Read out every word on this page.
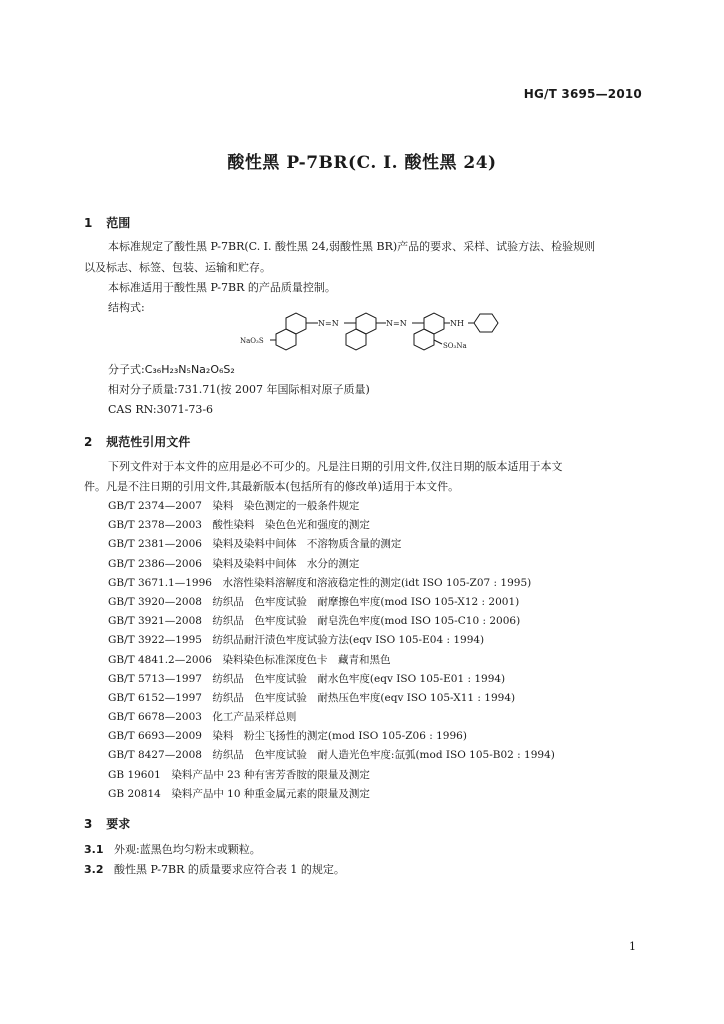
HG/T 3695—2010
酸性黑 P-7BR(C. I. 酸性黑 24)
1 范围
本标准规定了酸性黑 P-7BR(C. I. 酸性黑 24,弱酸性黑 BR)产品的要求、采样、试验方法、检验规则
以及标志、标签、包装、运输和贮存。
本标准适用于酸性黑 P-7BR 的产品质量控制。
结构式:
N=N	N=N	NH
NaO₃S
SO₃Na
分子式:C₃₆H₂₃N₅Na₂O₆S₂
相对分子质量:731.71(按 2007 年国际相对原子质量)
CAS RN:3071-73-6
2 规范性引用文件
下列文件对于本文件的应用是必不可少的。凡是注日期的引用文件,仅注日期的版本适用于本文
件。凡是不注日期的引用文件,其最新版本(包括所有的修改单)适用于本文件。
GB/T 2374—2007　染料　染色测定的一般条件规定
GB/T 2378—2003　酸性染料　染色色光和强度的测定
GB/T 2381—2006　染料及染料中间体　不溶物质含量的测定
GB/T 2386—2006　染料及染料中间体　水分的测定
GB/T 3671.1—1996　水溶性染料溶解度和溶液稳定性的测定(idt ISO 105-Z07 : 1995)
GB/T 3920—2008　纺织品　色牢度试验　耐摩擦色牢度(mod ISO 105-X12 : 2001)
GB/T 3921—2008　纺织品　色牢度试验　耐皂洗色牢度(mod ISO 105-C10 : 2006)
GB/T 3922—1995　纺织品耐汗渍色牢度试验方法(eqv ISO 105-E04 : 1994)
GB/T 4841.2—2006　染料染色标准深度色卡　藏青和黑色
GB/T 5713—1997　纺织品　色牢度试验　耐水色牢度(eqv ISO 105-E01 : 1994)
GB/T 6152—1997　纺织品　色牢度试验　耐热压色牢度(eqv ISO 105-X11 : 1994)
GB/T 6678—2003　化工产品采样总则
GB/T 6693—2009　染料　粉尘飞扬性的测定(mod ISO 105-Z06 : 1996)
GB/T 8427—2008　纺织品　色牢度试验　耐人造光色牢度:氙弧(mod ISO 105-B02 : 1994)
GB 19601　染料产品中 23 种有害芳香胺的限量及测定
GB 20814　染料产品中 10 种重金属元素的限量及测定
3 要求
3.1 外观:蓝黑色均匀粉末或颗粒。
3.2 酸性黑 P-7BR 的质量要求应符合表 1 的规定。
1
